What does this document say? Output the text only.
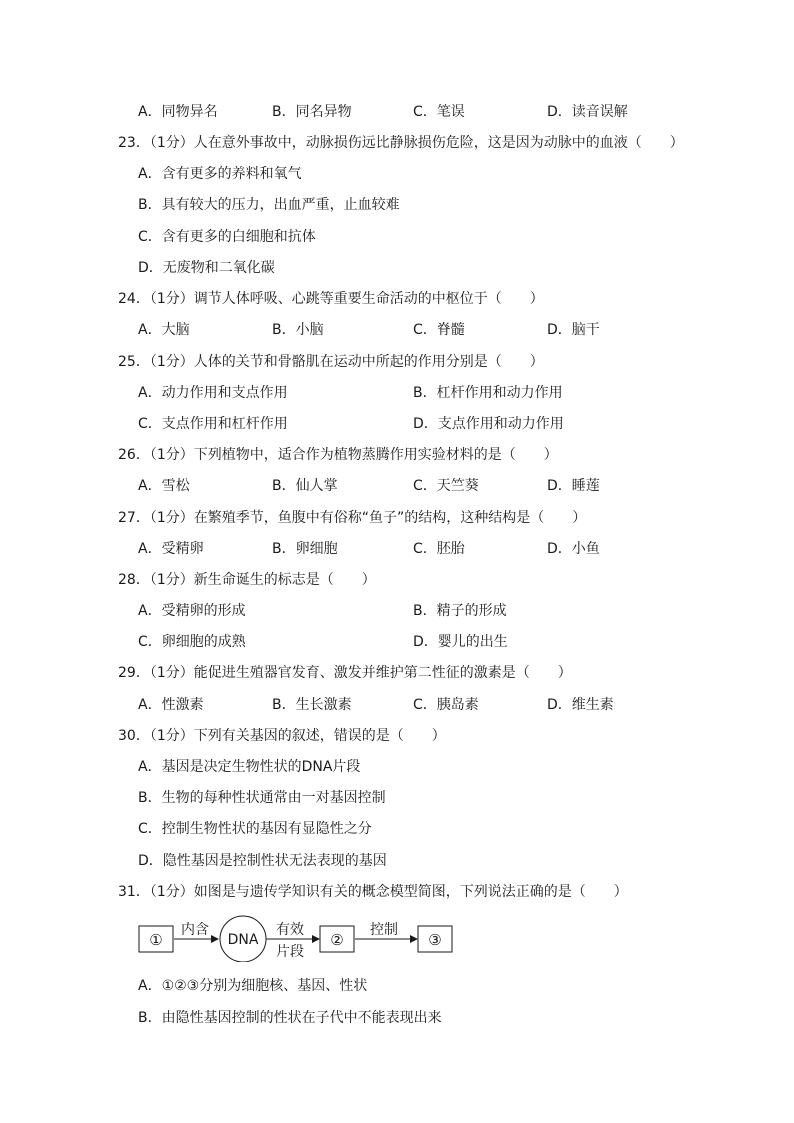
A．同物异名	B．同名异物	C．笔误	D．读音误解
23．（1分）人在意外事故中，动脉损伤远比静脉损伤危险，这是因为动脉中的血液（　　）
A．含有更多的养料和氧气
B．具有较大的压力，出血严重，止血较难
C．含有更多的白细胞和抗体
D．无废物和二氧化碳
24．（1分）调节人体呼吸、心跳等重要生命活动的中枢位于（　　）
A．大脑	B．小脑	C．脊髓	D．脑干
25．（1分）人体的关节和骨骼肌在运动中所起的作用分别是（　　）
A．动力作用和支点作用	B．杠杆作用和动力作用
C．支点作用和杠杆作用	D．支点作用和动力作用
26．（1分）下列植物中，适合作为植物蒸腾作用实验材料的是（　　）
A．雪松	B．仙人掌	C．天竺葵	D．睡莲
27．（1分）在繁殖季节，鱼腹中有俗称“鱼子”的结构，这种结构是（　　）
A．受精卵	B．卵细胞	C．胚胎	D．小鱼
28．（1分）新生命诞生的标志是（　　）
A．受精卵的形成	B．精子的形成
C．卵细胞的成熟	D．婴儿的出生
29．（1分）能促进生殖器官发育、激发并维护第二性征的激素是（　　）
A．性激素	B．生长激素	C．胰岛素	D．维生素
30．（1分）下列有关基因的叙述，错误的是（　　）
A．基因是决定生物性状的DNA片段
B．生物的每种性状通常由一对基因控制
C．控制生物性状的基因有显隐性之分
D．隐性基因是控制性状无法表现的基因
31．（1分）如图是与遗传学知识有关的概念模型简图，下列说法正确的是（　　）
①
内含
DNA
有效
片段
②
控制
③
A．①②③分别为细胞核、基因、性状
B．由隐性基因控制的性状在子代中不能表现出来
